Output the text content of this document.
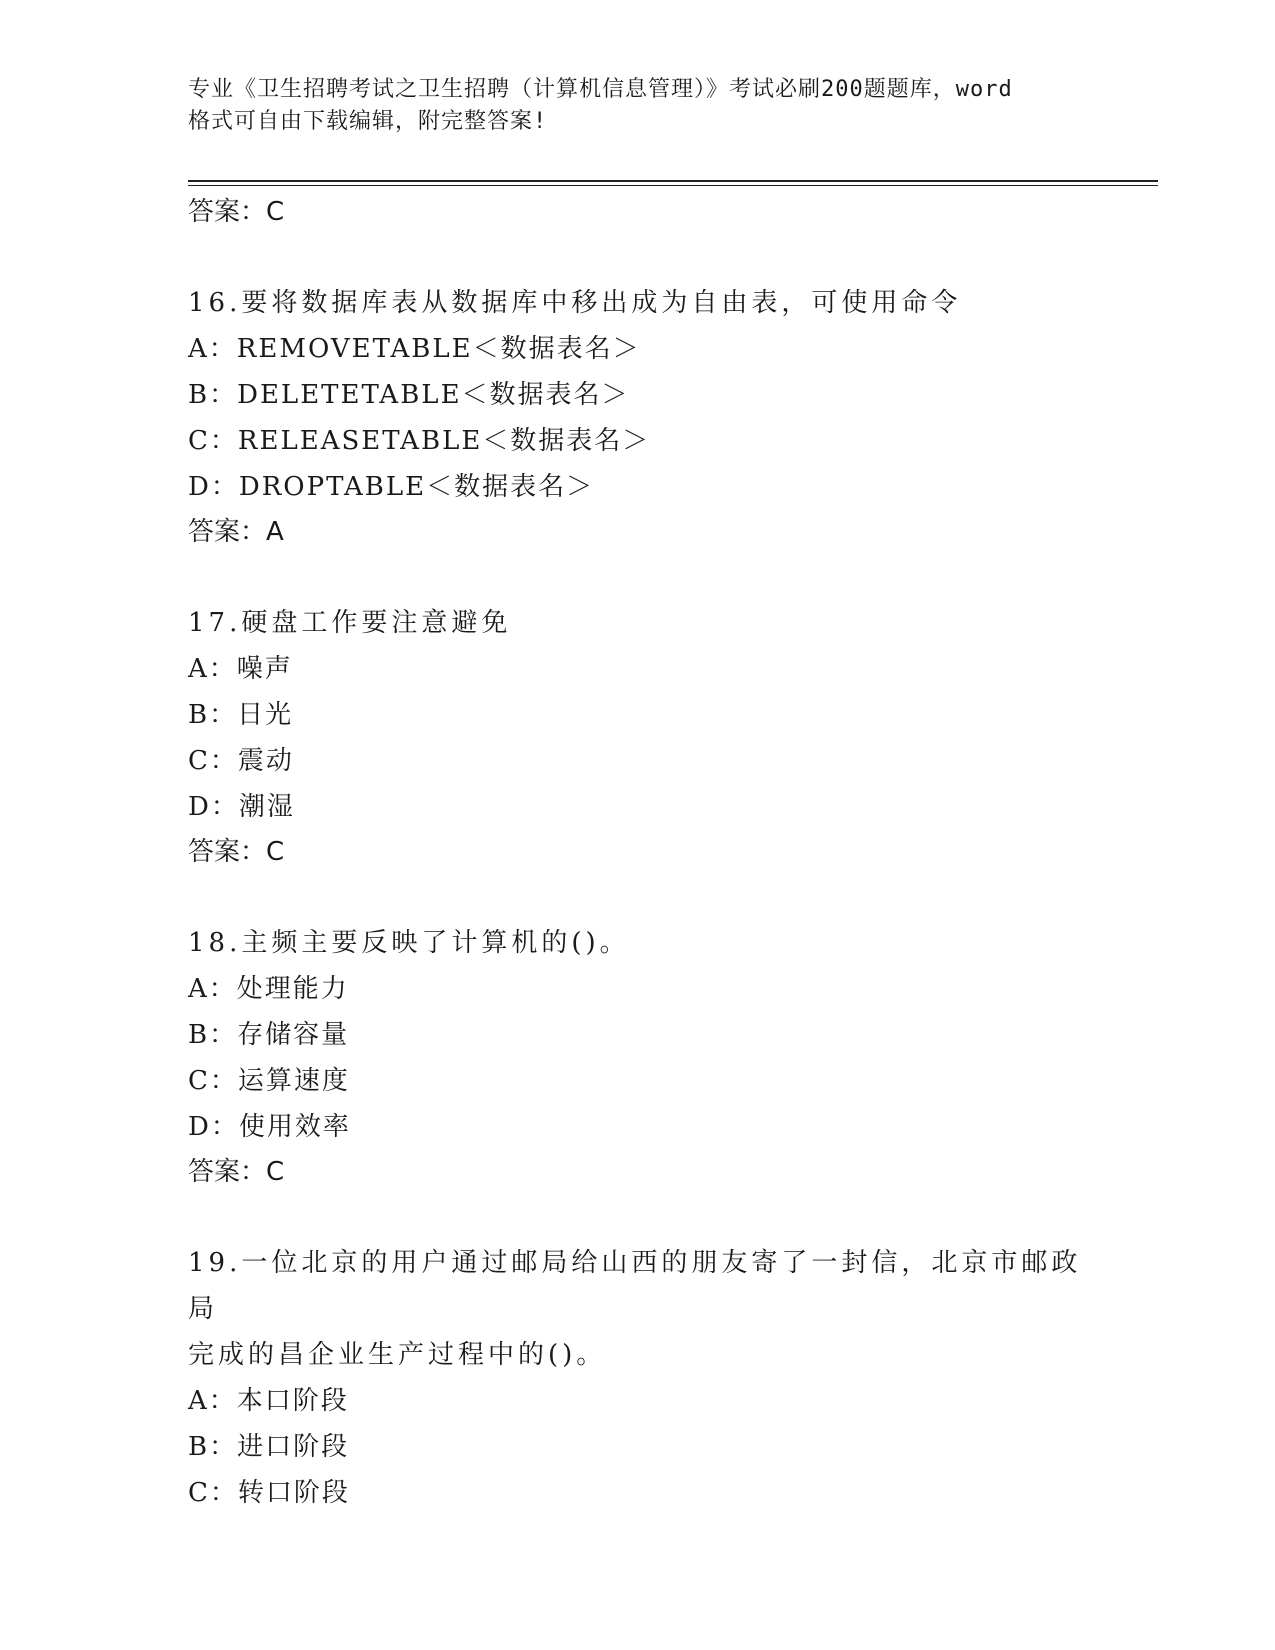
专业《卫生招聘考试之卫生招聘（计算机信息管理）》考试必刷200题题库，word
格式可自由下载编辑，附完整答案!
答案：C
16.要将数据库表从数据库中移出成为自由表，可使用命令
A：REMOVETABLE＜数据表名＞
B：DELETETABLE＜数据表名＞
C：RELEASETABLE＜数据表名＞
D：DROPTABLE＜数据表名＞
答案：A
17.硬盘工作要注意避免
A：噪声
B：日光
C：震动
D：潮湿
答案：C
18.主频主要反映了计算机的()。
A：处理能力
B：存储容量
C：运算速度
D：使用效率
答案：C
19.一位北京的用户通过邮局给山西的朋友寄了一封信，北京市邮政局
完成的昌企业生产过程中的()。
A：本口阶段
B：进口阶段
C：转口阶段
